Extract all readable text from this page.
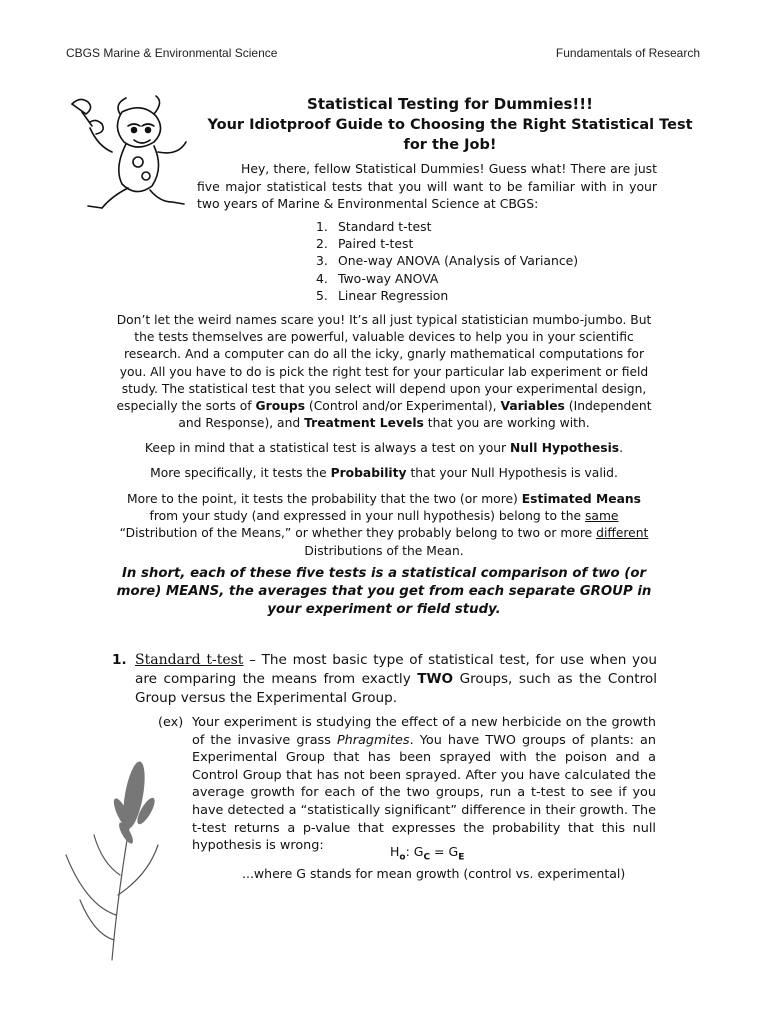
CBGS Marine & Environmental Science	Fundamentals of Research
Statistical Testing for Dummies!!!
Your Idiotproof Guide to Choosing the Right Statistical Test for the Job!
Hey, there, fellow Statistical Dummies! Guess what! There are just five major statistical tests that you will want to be familiar with in your two years of Marine & Environmental Science at CBGS:
1. Standard t-test
2. Paired t-test
3. One-way ANOVA (Analysis of Variance)
4. Two-way ANOVA
5. Linear Regression
Don’t let the weird names scare you! It’s all just typical statistician mumbo-jumbo. But the tests themselves are powerful, valuable devices to help you in your scientific research. And a computer can do all the icky, gnarly mathematical computations for you. All you have to do is pick the right test for your particular lab experiment or field study. The statistical test that you select will depend upon your experimental design, especially the sorts of Groups (Control and/or Experimental), Variables (Independent and Response), and Treatment Levels that you are working with.
Keep in mind that a statistical test is always a test on your Null Hypothesis.
More specifically, it tests the Probability that your Null Hypothesis is valid.
More to the point, it tests the probability that the two (or more) Estimated Means from your study (and expressed in your null hypothesis) belong to the same “Distribution of the Means,” or whether they probably belong to two or more different Distributions of the Mean.
In short, each of these five tests is a statistical comparison of two (or more) MEANS, the averages that you get from each separate GROUP in your experiment or field study.
1. Standard t-test – The most basic type of statistical test, for use when you are comparing the means from exactly TWO Groups, such as the Control Group versus the Experimental Group.
(ex) Your experiment is studying the effect of a new herbicide on the growth of the invasive grass Phragmites. You have TWO groups of plants: an Experimental Group that has been sprayed with the poison and a Control Group that has not been sprayed. After you have calculated the average growth for each of the two groups, run a t-test to see if you have detected a “statistically significant” difference in their growth. The t-test returns a p-value that expresses the probability that this null hypothesis is wrong:	$H_o$: $G_C = G_E$
...where G stands for mean growth (control vs. experimental)
